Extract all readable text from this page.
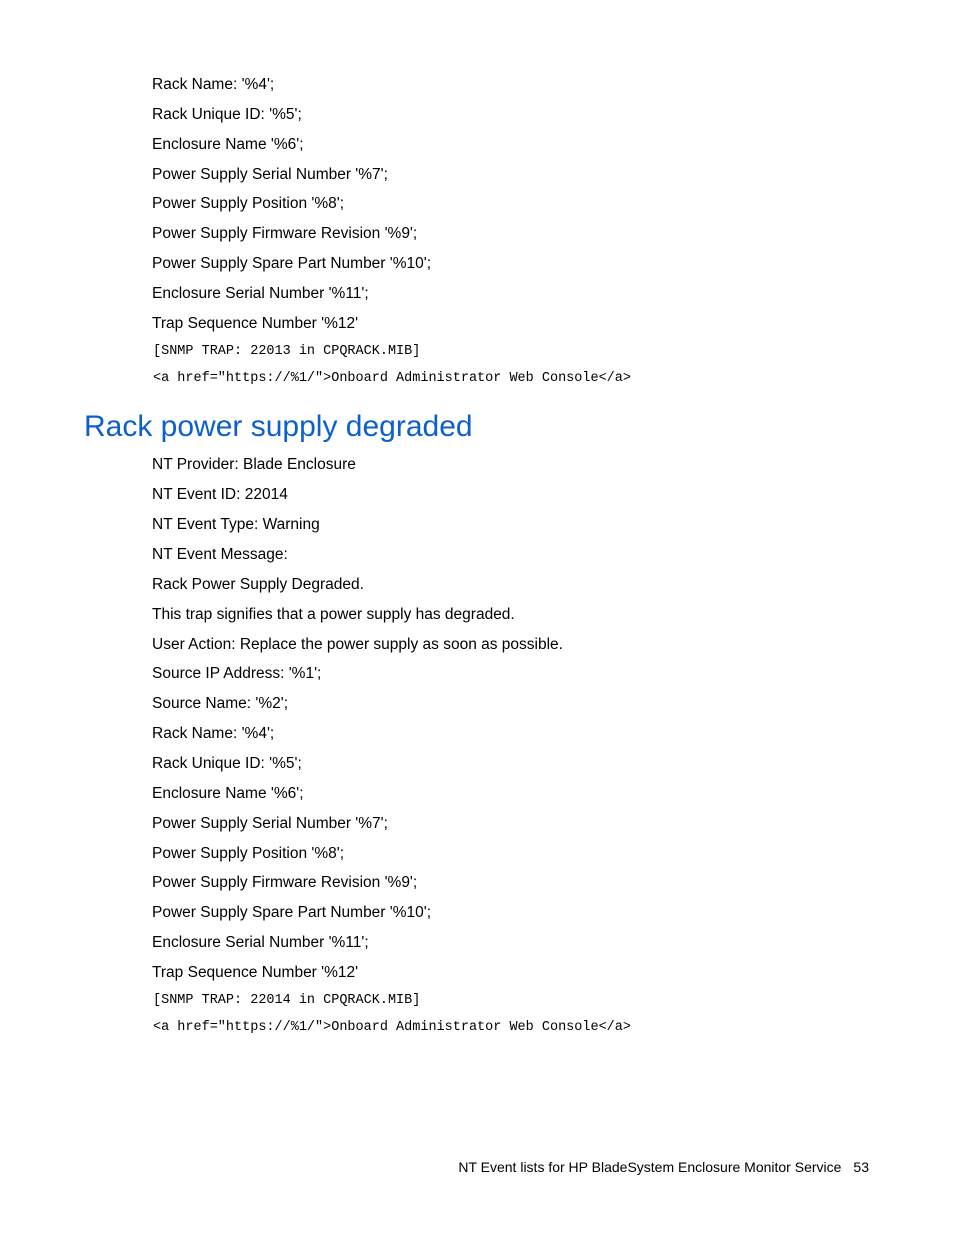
Rack Name: '%4';
Rack Unique ID: '%5';
Enclosure Name '%6';
Power Supply Serial Number '%7';
Power Supply Position '%8';
Power Supply Firmware Revision '%9';
Power Supply Spare Part Number '%10';
Enclosure Serial Number '%11';
Trap Sequence Number '%12'
[SNMP TRAP: 22013 in CPQRACK.MIB]
<a href="https://%1/">Onboard Administrator Web Console</a>
Rack power supply degraded
NT Provider: Blade Enclosure
NT Event ID: 22014
NT Event Type: Warning
NT Event Message:
Rack Power Supply Degraded.
This trap signifies that a power supply has degraded.
User Action: Replace the power supply as soon as possible.
Source IP Address: '%1';
Source Name: '%2';
Rack Name: '%4';
Rack Unique ID: '%5';
Enclosure Name '%6';
Power Supply Serial Number '%7';
Power Supply Position '%8';
Power Supply Firmware Revision '%9';
Power Supply Spare Part Number '%10';
Enclosure Serial Number '%11';
Trap Sequence Number '%12'
[SNMP TRAP: 22014 in CPQRACK.MIB]
<a href="https://%1/">Onboard Administrator Web Console</a>
NT Event lists for HP BladeSystem Enclosure Monitor Service 53
